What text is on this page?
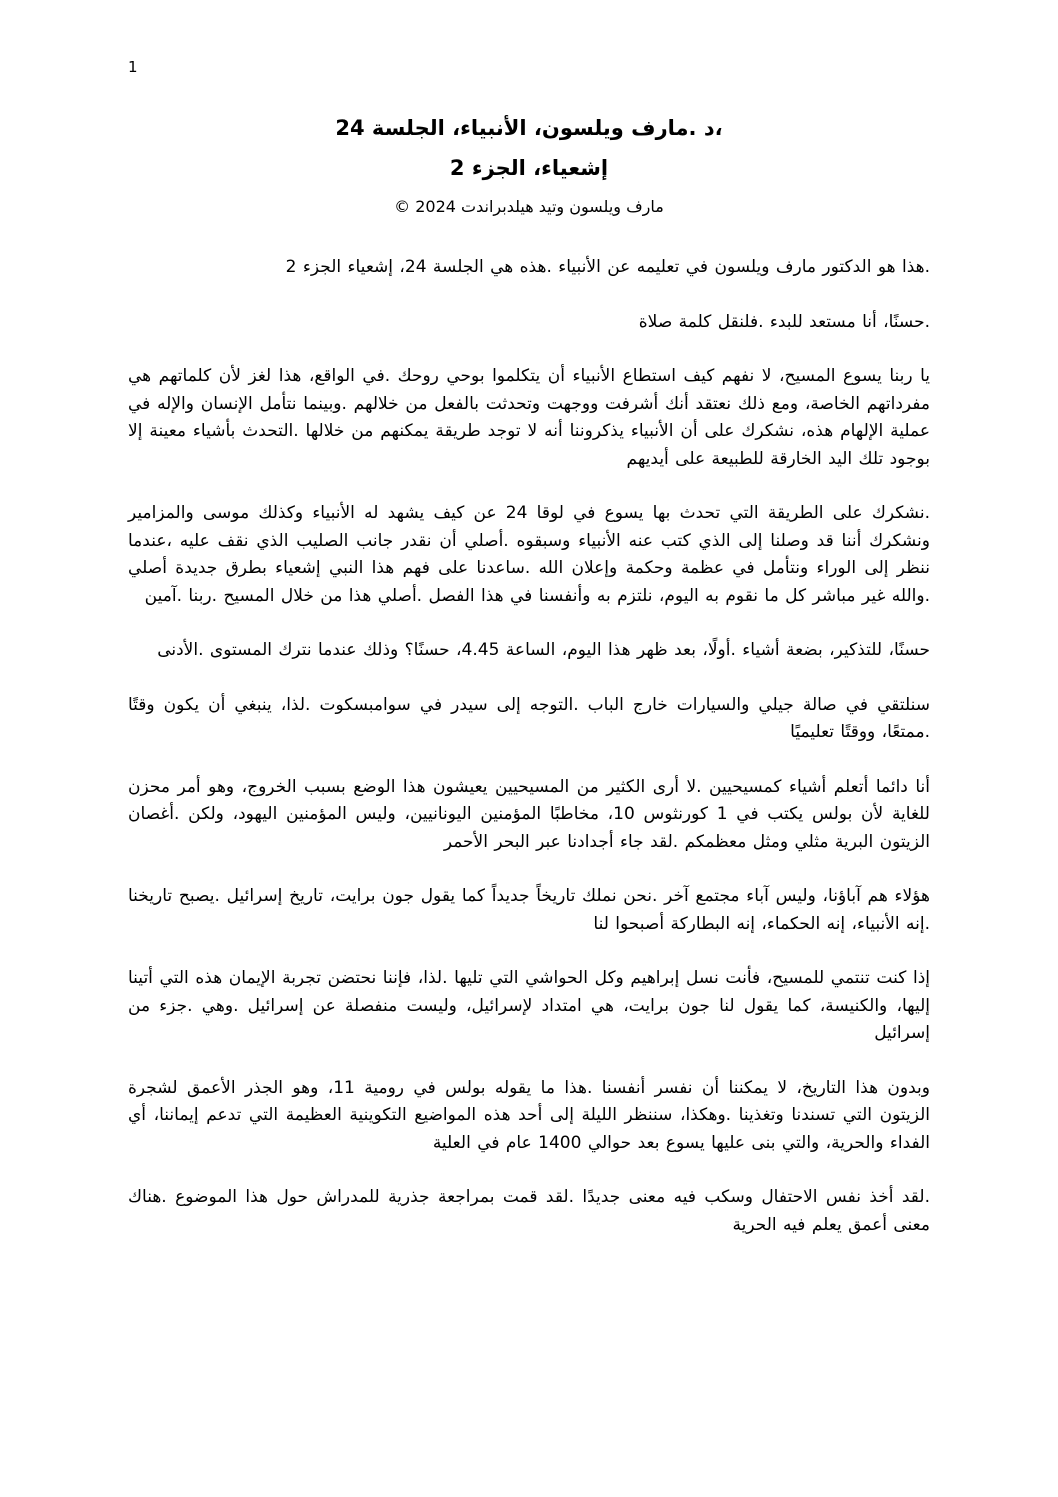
1
،د .مارف ويلسون، الأنبياء، الجلسة 24
إشعياء، الجزء 2
مارف ويلسون وتيد هيلدبراندت 2024 ©

.هذا هو الدكتور مارف ويلسون في تعليمه عن الأنبياء .هذه هي الجلسة 24، إشعياء الجزء 2

.حسنًا، أنا مستعد للبدء .فلنقل كلمة صلاة

يا ربنا يسوع المسيح، لا نفهم كيف استطاع الأنبياء أن يتكلموا بوحي روحك .في الواقع، هذا لغز لأن كلماتهم هي مفرداتهم الخاصة، ومع ذلك نعتقد أنك أشرفت ووجهت وتحدثت بالفعل من خلالهم .وبينما نتأمل الإنسان والإله في عملية الإلهام هذه، نشكرك على أن الأنبياء يذكروننا أنه لا توجد طريقة يمكنهم من خلالها .التحدث بأشياء معينة إلا بوجود تلك اليد الخارقة للطبيعة على أيديهم

.نشكرك على الطريقة التي تحدث بها يسوع في لوقا 24 عن كيف يشهد له الأنبياء وكذلك موسى والمزامير ونشكرك أننا قد وصلنا إلى الذي كتب عنه الأنبياء وسبقوه .أصلي أن نقدر جانب الصليب الذي نقف عليه ،عندما ننظر إلى الوراء ونتأمل في عظمة وحكمة وإعلان الله .ساعدنا على فهم هذا النبي إشعياء بطرق جديدة أصلي .والله غير مباشر كل ما نقوم به اليوم، نلتزم به وأنفسنا في هذا الفصل .أصلي هذا من خلال المسيح .ربنا .آمين

حسنًا، للتذكير، بضعة أشياء .أولًا، بعد ظهر هذا اليوم، الساعة 4.45، حسنًا؟ وذلك عندما نترك المستوى .الأدنى

سنلتقي في صالة جيلي والسيارات خارج الباب .التوجه إلى سيدر في سوامبسكوت .لذا، ينبغي أن يكون وقتًا .ممتعًا، ووقتًا تعليميًا

أنا دائما أتعلم أشياء كمسيحيين .لا أرى الكثير من المسيحيين يعيشون هذا الوضع بسبب الخروج، وهو أمر محزن للغاية لأن بولس يكتب في 1 كورنثوس 10، مخاطبًا المؤمنين اليونانيين، وليس المؤمنين اليهود، ولكن .أغصان الزيتون البرية مثلي ومثل معظمكم .لقد جاء أجدادنا عبر البحر الأحمر

هؤلاء هم آباؤنا، وليس آباء مجتمع آخر .نحن نملك تاريخاً جديداً كما يقول جون برايت، تاريخ إسرائيل .يصبح تاريخنا .إنه الأنبياء، إنه الحكماء، إنه البطاركة أصبحوا لنا

إذا كنت تنتمي للمسيح، فأنت نسل إبراهيم وكل الحواشي التي تليها .لذا، فإننا نحتضن تجربة الإيمان هذه التي أتينا إليها، والكنيسة، كما يقول لنا جون برايت، هي امتداد لإسرائيل، وليست منفصلة عن إسرائيل .وهي .جزء من إسرائيل

وبدون هذا التاريخ، لا يمكننا أن نفسر أنفسنا .هذا ما يقوله بولس في رومية 11، وهو الجذر الأعمق لشجرة الزيتون التي تسندنا وتغذينا .وهكذا، سننظر الليلة إلى أحد هذه المواضيع التكوينية العظيمة التي تدعم إيماننا، أي الفداء والحرية، والتي بنى عليها يسوع بعد حوالي 1400 عام في العلية

.لقد أخذ نفس الاحتفال وسكب فيه معنى جديدًا .لقد قمت بمراجعة جذرية للمدراش حول هذا الموضوع .هناك معنى أعمق يعلم فيه الحرية
